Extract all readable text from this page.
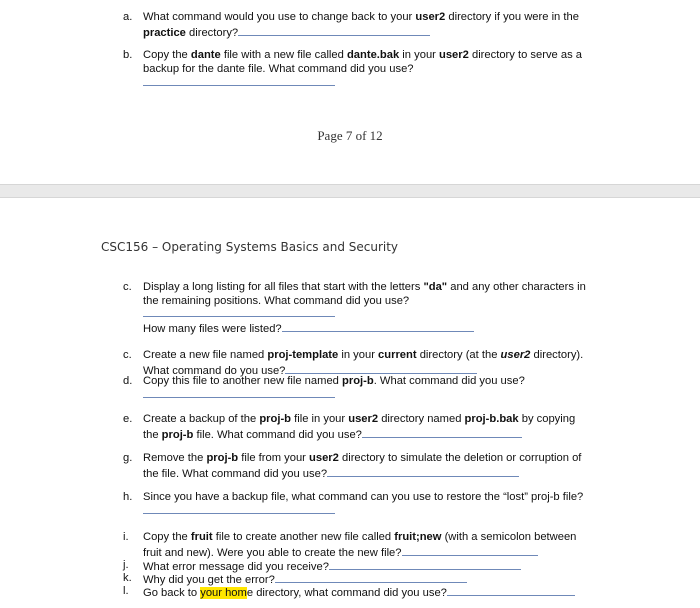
a. What command would you use to change back to your user2 directory if you were in the
practice directory?
b. Copy the dante file with a new file called dante.bak in your user2 directory to serve as a
backup for the dante file. What command did you use?
Page 7 of 12
CSC156 – Operating Systems Basics and Security
c.	Display a long listing for all files that start with the letters "da" and any other characters in
the remaining positions. What command did you use?
How many files were listed?
c.	Create a new file named proj-template in your current directory (at the user2 directory).
What command do you use?
d. Copy this file to another new file named proj-b. What command did you use?
e. Create a backup of the proj-b file in your user2 directory named proj-b.bak by copying
the proj-b file. What command did you use?
g. Remove the proj-b file from your user2 directory to simulate the deletion or corruption of
the file. What command did you use?
h. Since you have a backup file, what command can you use to restore the “lost” proj-b file?
i.	Copy the fruit file to create another new file called fruit;new (with a semicolon between
fruit and new). Were you able to create the new file?
j.	What error message did you receive?
k.	Why did you get the error?
l.	Go back to your home directory, what command did you use?
